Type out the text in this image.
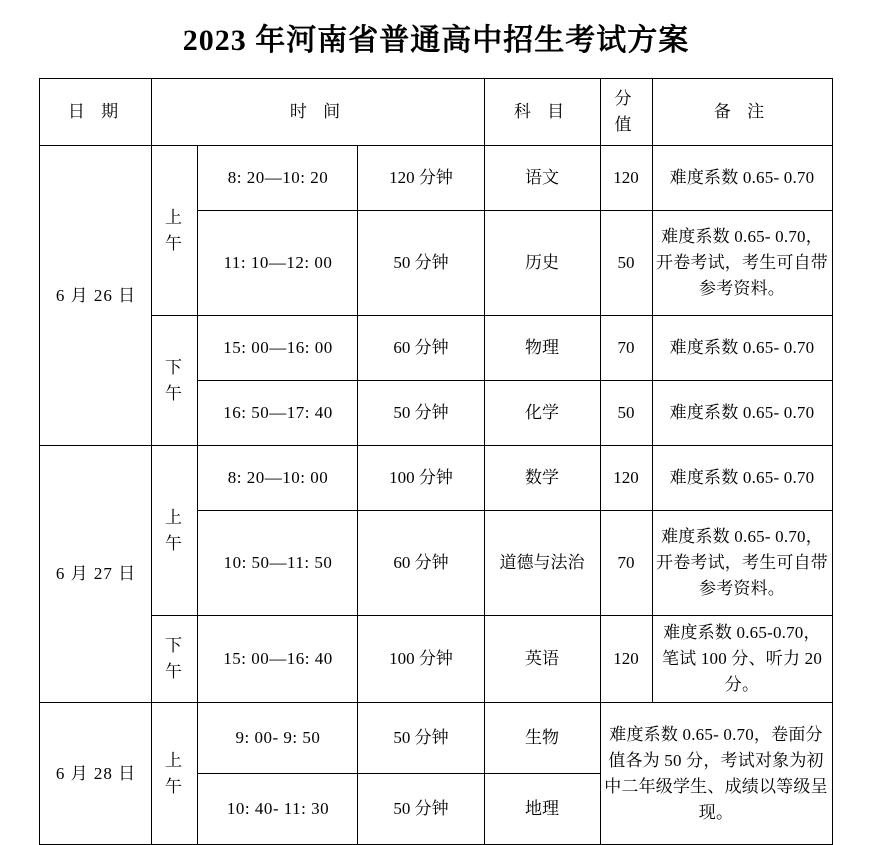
2023 年河南省普通高中招生考试方案
日 期	时 间			科 目	分 值	备 注
6 月 26 日	上 午	8: 20—10: 20	120 分钟	语文	120	难度系数 0.65- 0.70
		11: 10—12: 00	50 分钟	历史	50	难度系数 0.65- 0.70，开卷考试，考生可自带参考资料。
	下 午	15: 00—16: 00	60 分钟	物理	70	难度系数 0.65- 0.70
		16: 50—17: 40	50 分钟	化学	50	难度系数 0.65- 0.70
6 月 27 日	上 午	8: 20—10: 00	100 分钟	数学	120	难度系数 0.65- 0.70
		10: 50—11: 50	60 分钟	道德与法治	70	难度系数 0.65- 0.70，开卷考试，考生可自带参考资料。
	下 午	15: 00—16: 40	100 分钟	英语	120	难度系数 0.65-0.70，笔试 100 分、听力 20 分。
6 月 28 日	上 午	9: 00- 9: 50	50 分钟	生物	难度系数 0.65- 0.70，卷面分值各为 50 分，考试对象为初中二年级学生、成绩以等级呈现。	
		10: 40- 11: 30	50 分钟	地理		
